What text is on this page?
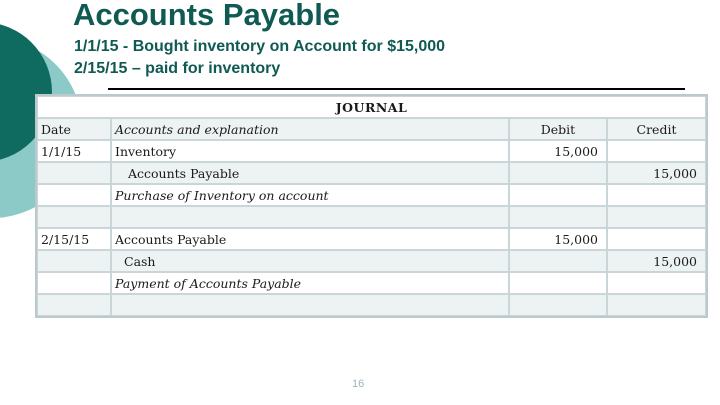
Accounts Payable
1/1/15 - Bought inventory on Account for $15,000
2/15/15 – paid for inventory
JOURNAL			
Date	Accounts and explanation	Debit	Credit
1/1/15	Inventory	15,000	
	Accounts Payable		15,000
	Purchase of Inventory on account		

2/15/15	Accounts Payable	15,000	
	Cash		15,000
	Payment of Accounts Payable		

16
